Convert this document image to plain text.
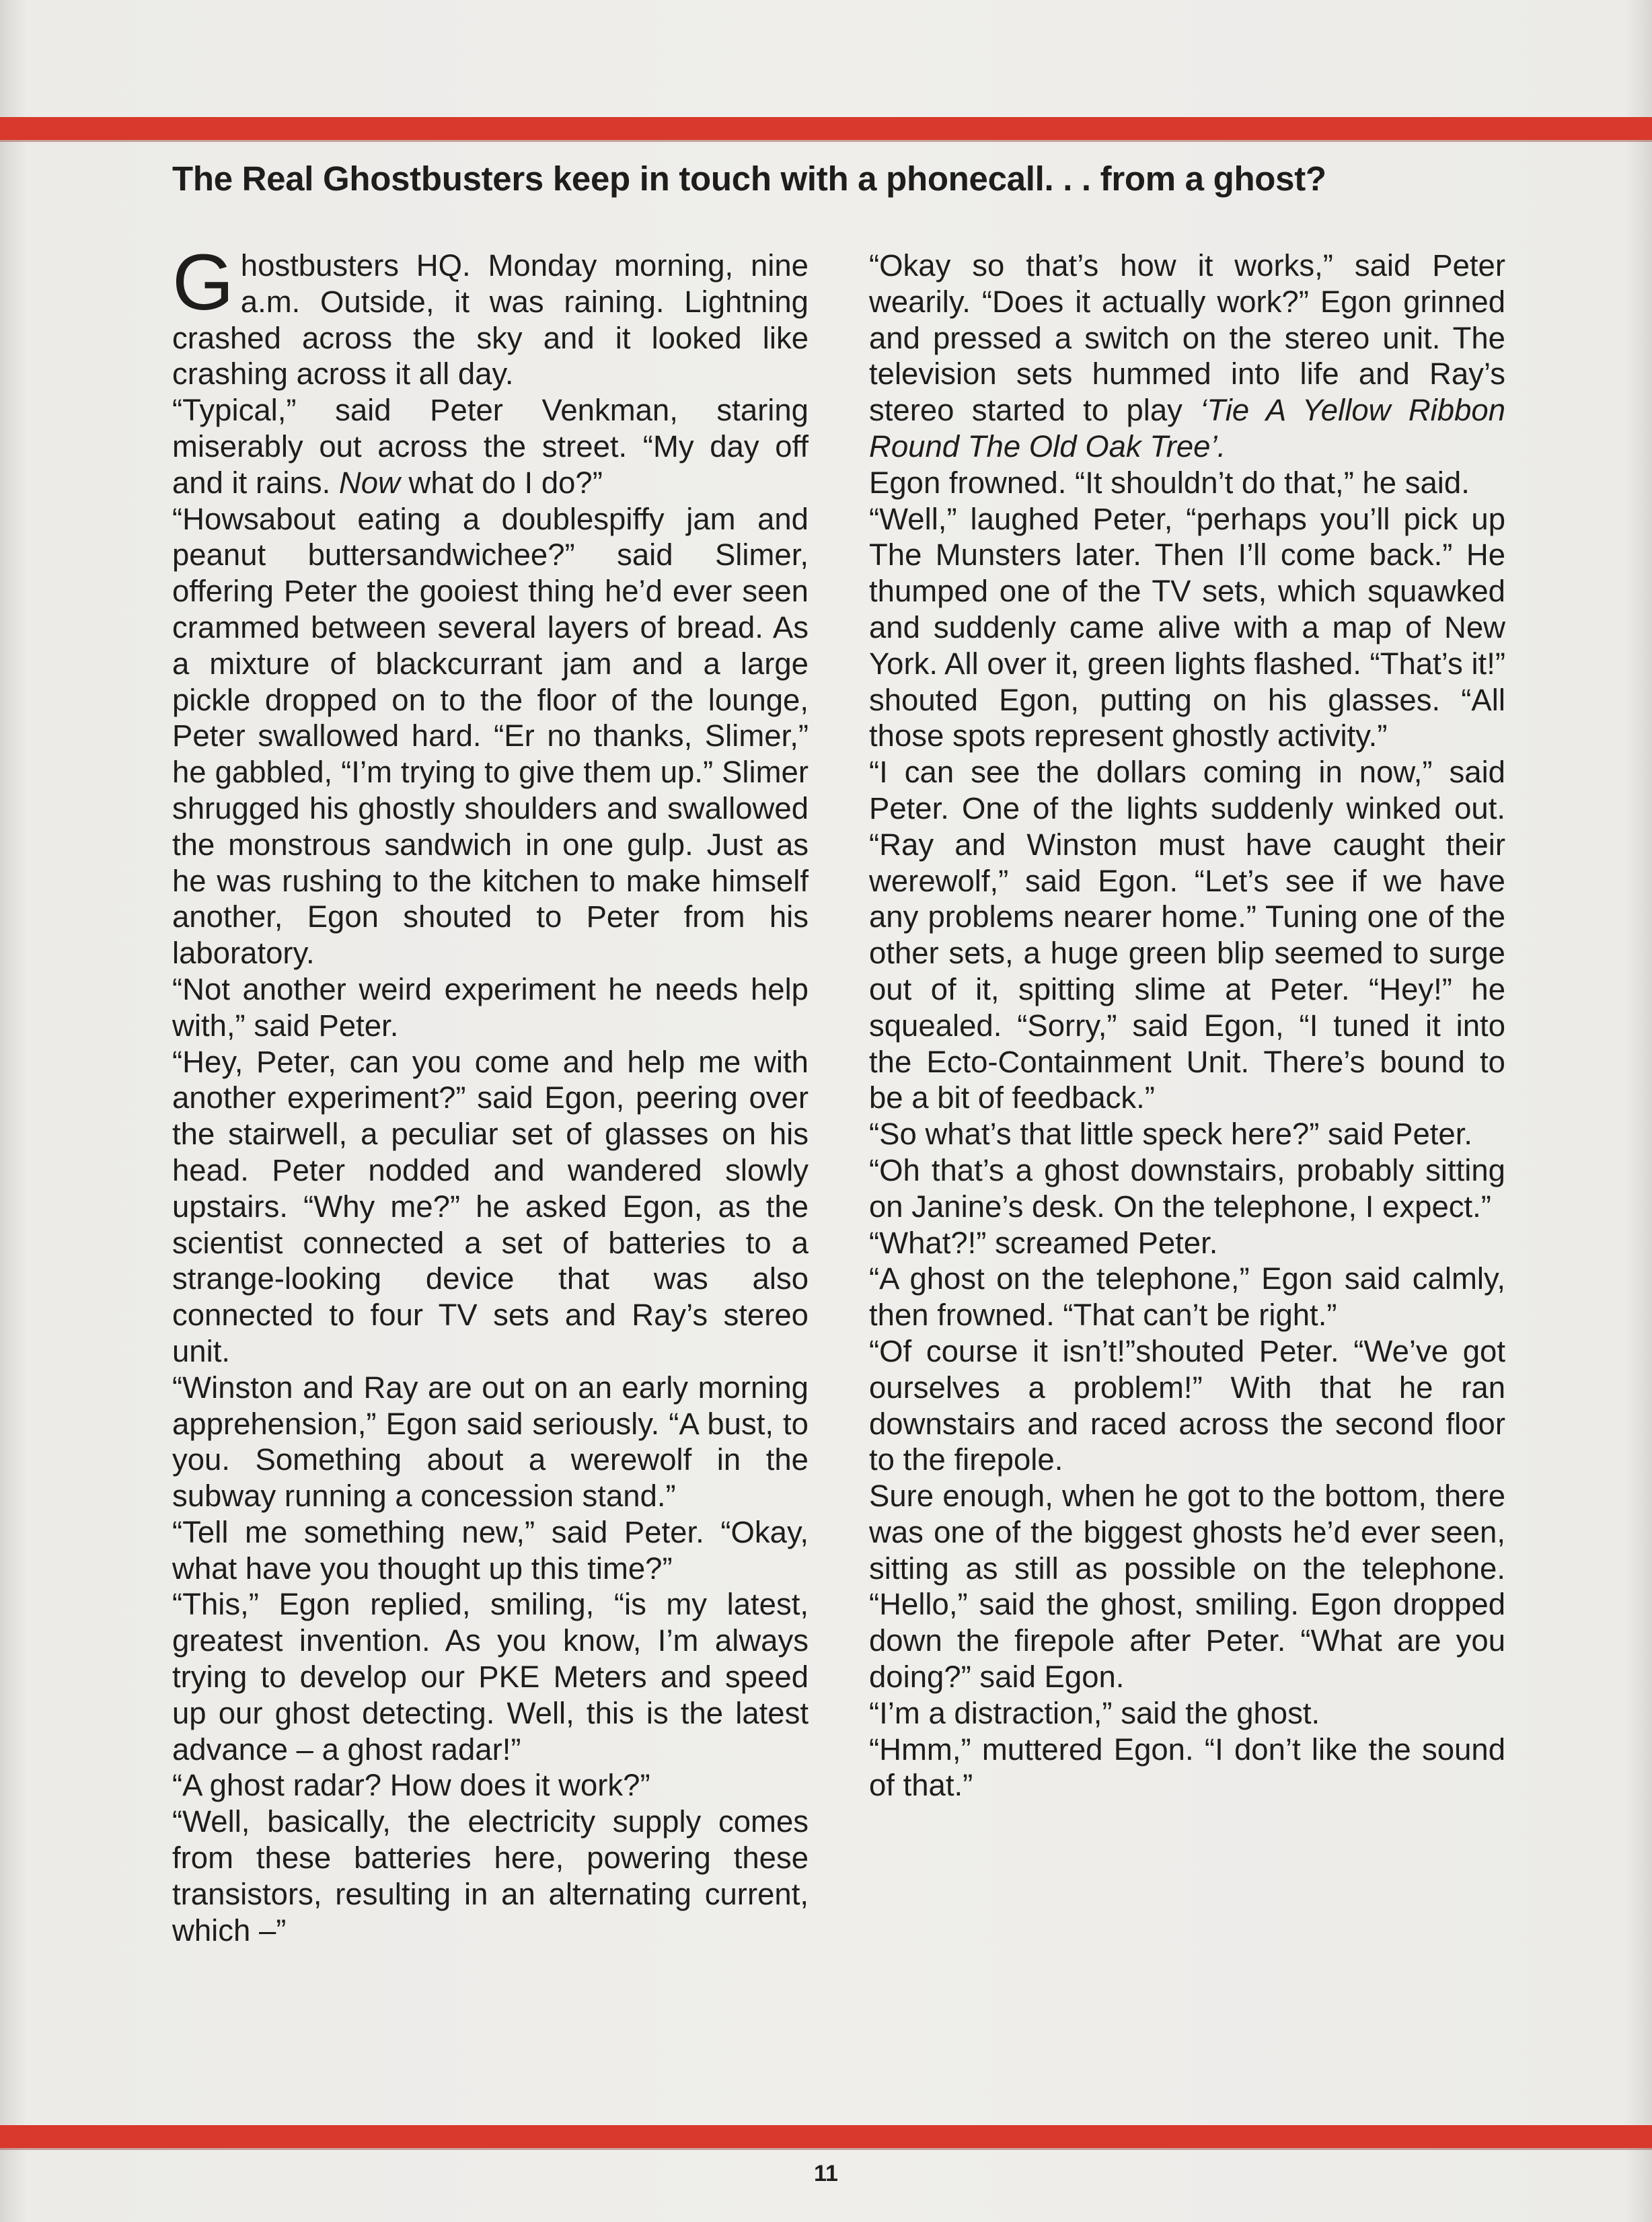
The Real Ghostbusters keep in touch with a phonecall. . . from a ghost?

Ghostbusters HQ. Monday morning, nine a.m. Outside, it was raining. Lightning crashed across the sky and it looked like crashing across it all day.

“Typical,” said Peter Venkman, staring miserably out across the street. “My day off and it rains. Now what do I do?”

“Howsabout eating a doublespiffy jam and peanut buttersandwichee?” said Slimer, offering Peter the gooiest thing he’d ever seen crammed between several layers of bread. As a mixture of blackcurrant jam and a large pickle dropped on to the floor of the lounge, Peter swallowed hard. “Er no thanks, Slimer,” he gabbled, “I’m trying to give them up.” Slimer shrugged his ghostly shoulders and swallowed the monstrous sandwich in one gulp. Just as he was rushing to the kitchen to make himself another, Egon shouted to Peter from his laboratory.

“Not another weird experiment he needs help with,” said Peter.

“Hey, Peter, can you come and help me with another experiment?” said Egon, peering over the stairwell, a peculiar set of glasses on his head. Peter nodded and wandered slowly upstairs. “Why me?” he asked Egon, as the scientist connected a set of batteries to a strange-looking device that was also connected to four TV sets and Ray’s stereo unit.

“Winston and Ray are out on an early morning apprehension,” Egon said seriously. “A bust, to you. Something about a werewolf in the subway running a concession stand.”

“Tell me something new,” said Peter. “Okay, what have you thought up this time?”

“This,” Egon replied, smiling, “is my latest, greatest invention. As you know, I’m always trying to develop our PKE Meters and speed up our ghost detecting. Well, this is the latest advance – a ghost radar!”

“A ghost radar? How does it work?”

“Well, basically, the electricity supply comes from these batteries here, powering these transistors, resulting in an alternating current, which –”

“Okay so that’s how it works,” said Peter wearily. “Does it actually work?” Egon grinned and pressed a switch on the stereo unit. The television sets hummed into life and Ray’s stereo started to play ‘Tie A Yellow Ribbon Round The Old Oak Tree’.

Egon frowned. “It shouldn’t do that,” he said.

“Well,” laughed Peter, “perhaps you’ll pick up The Munsters later. Then I’ll come back.” He thumped one of the TV sets, which squawked and suddenly came alive with a map of New York. All over it, green lights flashed. “That’s it!” shouted Egon, putting on his glasses. “All those spots represent ghostly activity.”

“I can see the dollars coming in now,” said Peter. One of the lights suddenly winked out. “Ray and Winston must have caught their werewolf,” said Egon. “Let’s see if we have any problems nearer home.” Tuning one of the other sets, a huge green blip seemed to surge out of it, spitting slime at Peter. “Hey!” he squealed. “Sorry,” said Egon, “I tuned it into the Ecto-Containment Unit. There’s bound to be a bit of feedback.”

“So what’s that little speck here?” said Peter.

“Oh that’s a ghost downstairs, probably sitting on Janine’s desk. On the telephone, I expect.”

“What?!” screamed Peter.

“A ghost on the telephone,” Egon said calmly, then frowned. “That can’t be right.”

“Of course it isn’t!”shouted Peter. “We’ve got ourselves a problem!” With that he ran downstairs and raced across the second floor to the firepole.

Sure enough, when he got to the bottom, there was one of the biggest ghosts he’d ever seen, sitting as still as possible on the telephone. “Hello,” said the ghost, smiling. Egon dropped down the firepole after Peter. “What are you doing?” said Egon.

“I’m a distraction,” said the ghost.

“Hmm,” muttered Egon. “I don’t like the sound of that.”

11
